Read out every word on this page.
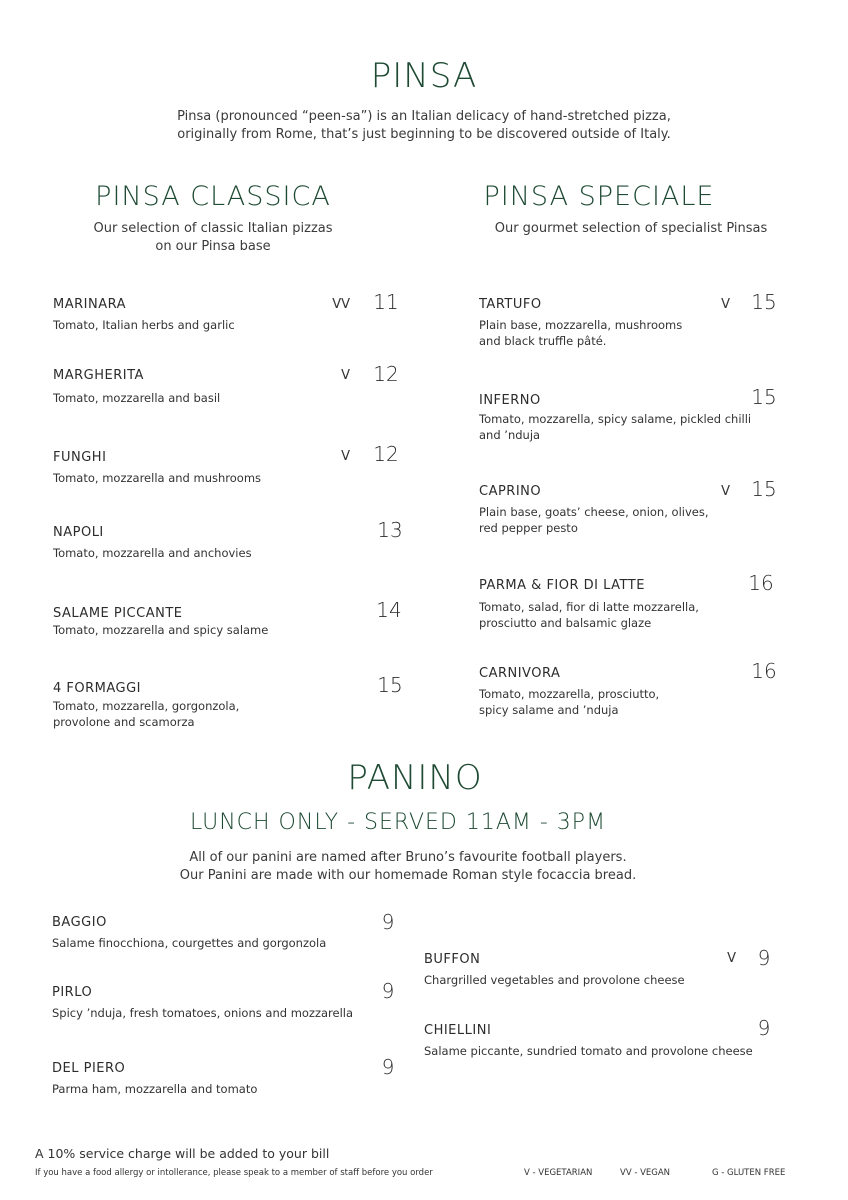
PINSA
Pinsa (pronounced “peen-sa”) is an Italian delicacy of hand-stretched pizza,
originally from Rome, that’s just beginning to be discovered outside of Italy.
PINSA CLASSICA
Our selection of classic Italian pizzas
on our Pinsa base
PINSA SPECIALE
Our gourmet selection of specialist Pinsas
MARINARA	VV	11
Tomato, Italian herbs and garlic
MARGHERITA	V	12
Tomato, mozzarella and basil
FUNGHI	V	12
Tomato, mozzarella and mushrooms
NAPOLI	13
Tomato, mozzarella and anchovies
SALAME PICCANTE	14
Tomato, mozzarella and spicy salame
4 FORMAGGI	15
Tomato, mozzarella, gorgonzola,
provolone and scamorza
TARTUFO	V	15
Plain base, mozzarella, mushrooms
and black truffle pâté.
INFERNO	15
Tomato, mozzarella, spicy salame, pickled chilli
and ’nduja
CAPRINO	V	15
Plain base, goats’ cheese, onion, olives,
red pepper pesto
PARMA & FIOR DI LATTE	16
Tomato, salad, fior di latte mozzarella,
prosciutto and balsamic glaze
CARNIVORA	16
Tomato, mozzarella, prosciutto,
spicy salame and ’nduja
PANINO
LUNCH ONLY - SERVED 11AM - 3PM
All of our panini are named after Bruno’s favourite football players.
Our Panini are made with our homemade Roman style focaccia bread.
BAGGIO	9
Salame finocchiona, courgettes and gorgonzola
PIRLO	9
Spicy ’nduja, fresh tomatoes, onions and mozzarella
DEL PIERO	9
Parma ham, mozzarella and tomato
BUFFON	V	9
Chargrilled vegetables and provolone cheese
CHIELLINI	9
Salame piccante, sundried tomato and provolone cheese
A 10% service charge will be added to your bill
If you have a food allergy or intollerance, please speak to a member of staff before you order	V - VEGETARIAN	VV - VEGAN	G - GLUTEN FREE
